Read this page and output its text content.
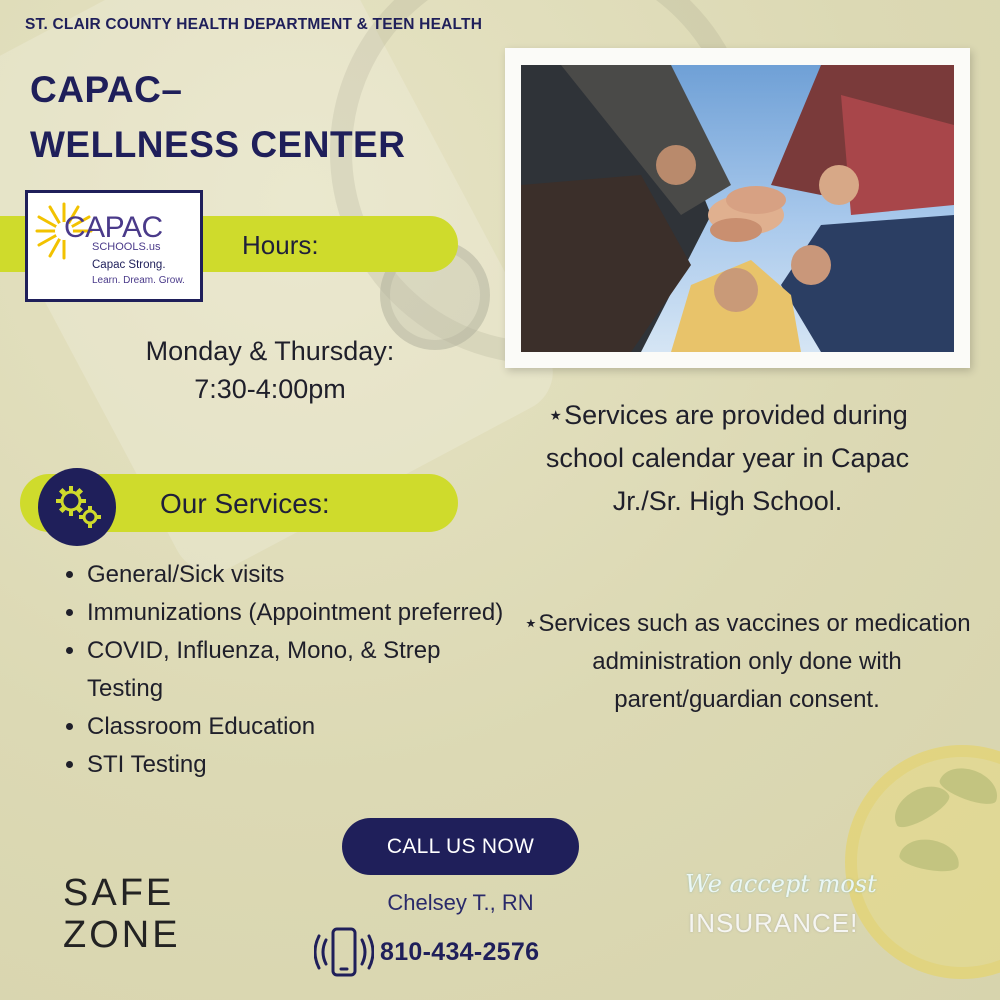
ST. CLAIR COUNTY HEALTH DEPARTMENT & TEEN HEALTH
CAPAC–
WELLNESS CENTER
Hours:
CAPAC
SCHOOLS.us
Capac Strong.
Learn. Dream. Grow.
Monday & Thursday:
7:30-4:00pm
Our Services:
• General/Sick visits
• Immunizations (Appointment preferred)
• COVID, Influenza, Mono, & Strep Testing
• Classroom Education
• STI Testing
⋆Services are provided during school calendar year in Capac Jr./Sr. High School.
⋆Services such as vaccines or medication administration only done with parent/guardian consent.
CALL US NOW
Chelsey T., RN
810-434-2576
SAFE
ZONE
We accept most
INSURANCE!
